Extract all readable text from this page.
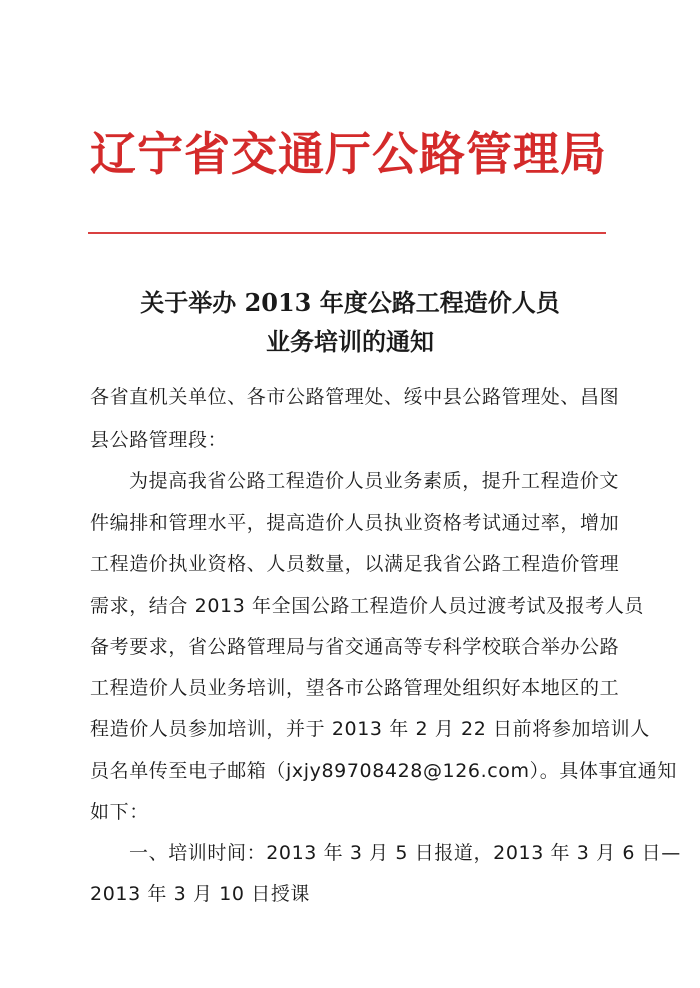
辽宁省交通厅公路管理局
关于举办 2013 年度公路工程造价人员
业务培训的通知
各省直机关单位、各市公路管理处、绥中县公路管理处、昌图
县公路管理段：
为提高我省公路工程造价人员业务素质，提升工程造价文
件编排和管理水平，提高造价人员执业资格考试通过率，增加
工程造价执业资格、人员数量，以满足我省公路工程造价管理
需求，结合 2013 年全国公路工程造价人员过渡考试及报考人员
备考要求，省公路管理局与省交通高等专科学校联合举办公路
工程造价人员业务培训，望各市公路管理处组织好本地区的工
程造价人员参加培训，并于 2013 年 2 月 22 日前将参加培训人
员名单传至电子邮箱（jxjy89708428@126.com）。具体事宜通知
如下：
一、培训时间：2013 年 3 月 5 日报道，2013 年 3 月 6 日—
2013 年 3 月 10 日授课
